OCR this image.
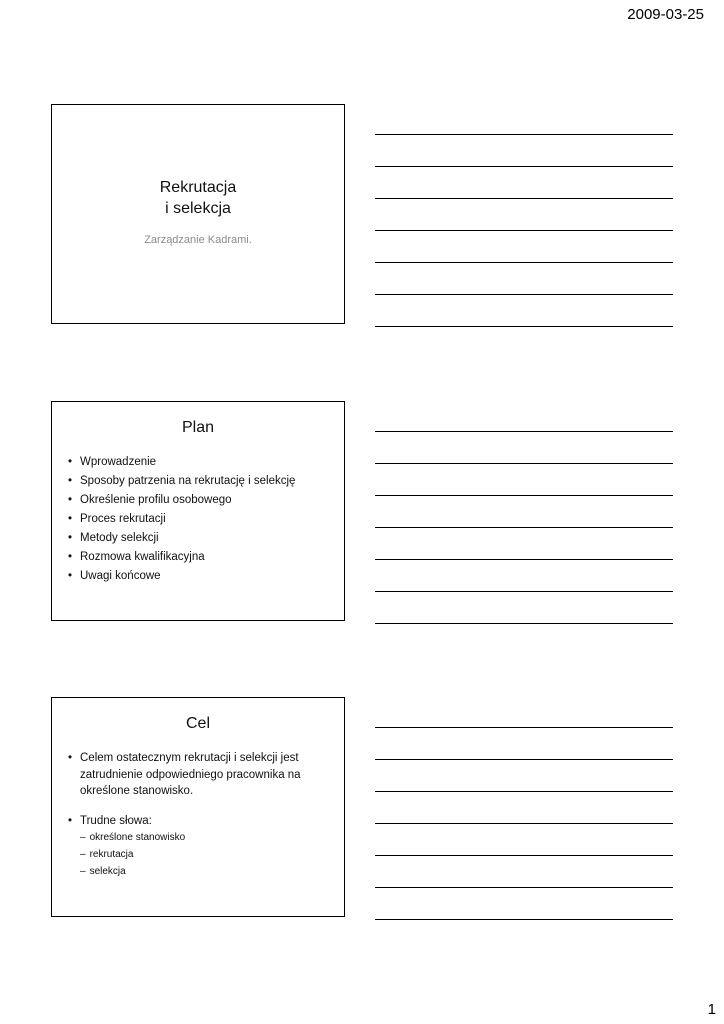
2009-03-25
Rekrutacja
i selekcja
Zarządzanie Kadrami.
Plan
• Wprowadzenie
• Sposoby patrzenia na rekrutację i selekcję
• Określenie profilu osobowego
• Proces rekrutacji
• Metody selekcji
• Rozmowa kwalifikacyjna
• Uwagi końcowe
Cel
• Celem ostatecznym rekrutacji i selekcji jest zatrudnienie odpowiedniego pracownika na określone stanowisko.
• Trudne słowa:
– określone stanowisko
– rekrutacja
– selekcja
1
